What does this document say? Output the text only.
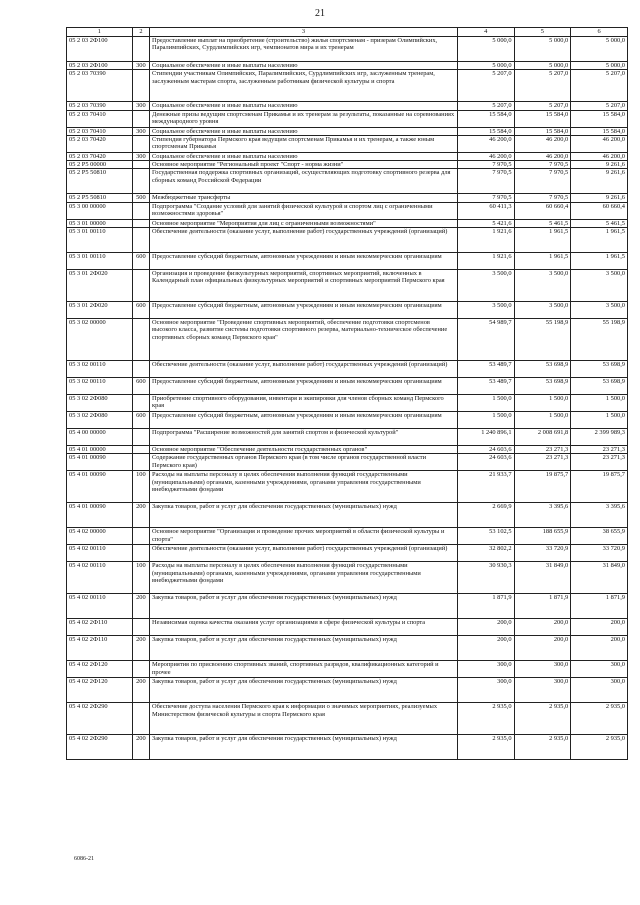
21
1	2	3	4	5	6
05 2 03 2Ф100		Предоставление выплат на приобретение (строительство) жилья спортсменам - призерам Олимпийских, Паралимпийских, Сурдлимпийских игр, чемпионатов мира и их тренерам	5 000,0	5 000,0	5 000,0
05 2 03 2Ф100	300	Социальное обеспечение и иные выплаты населению	5 000,0	5 000,0	5 000,0
05 2 03 70390		Стипендии участникам Олимпийских, Паралимпийских, Сурдлимпийских игр, заслуженным тренерам, заслуженным мастерам спорта, заслуженным работникам физической культуры и спорта	5 207,0	5 207,0	5 207,0
05 2 03 70390	300	Социальное обеспечение и иные выплаты населению	5 207,0	5 207,0	5 207,0
05 2 03 70410		Денежные призы ведущим спортсменам Прикамья и их тренерам за результаты, показанные на соревнованиях международного уровня	15 584,0	15 584,0	15 584,0
05 2 03 70410	300	Социальное обеспечение и иные выплаты населению	15 584,0	15 584,0	15 584,0
05 2 03 70420		Стипендия губернатора Пермского края ведущим спортсменам Прикамья и их тренерам, а также юным спортсменам Прикамья	46 200,0	46 200,0	46 200,0
05 2 03 70420	300	Социальное обеспечение и иные выплаты населению	46 200,0	46 200,0	46 200,0
05 2 P5 00000		Основное мероприятие "Региональный проект "Спорт - норма жизни"	7 970,5	7 970,5	9 261,6
05 2 P5 50810		Государственная поддержка спортивных организаций, осуществляющих подготовку спортивного резерва для сборных команд Российской Федерации	7 970,5	7 970,5	9 261,6
05 2 P5 50810	500	Межбюджетные трансферты	7 970,5	7 970,5	9 261,6
05 3 00 00000		Подпрограмма "Создание условий для занятий физической культурой и спортом лиц с ограниченными возможностями здоровья"	60 411,3	60 660,4	60 660,4
05 3 01 00000		Основное мероприятие "Мероприятия для лиц с ограниченными возможностями"	5 421,6	5 461,5	5 461,5
05 3 01 00110		Обеспечение деятельности (оказание услуг, выполнение работ) государственных учреждений (организаций)	1 921,6	1 961,5	1 961,5
05 3 01 00110	600	Предоставление субсидий бюджетным, автономным учреждениям и иным некоммерческим организациям	1 921,6	1 961,5	1 961,5
05 3 01 2Ф020		Организация и проведение физкультурных мероприятий, спортивных мероприятий, включенных в Календарный план официальных физкультурных мероприятий и спортивных мероприятий Пермского края	3 500,0	3 500,0	3 500,0
05 3 01 2Ф020	600	Предоставление субсидий бюджетным, автономным учреждениям и иным некоммерческим организациям	3 500,0	3 500,0	3 500,0
05 3 02 00000		Основное мероприятие "Проведение спортивных мероприятий, обеспечение подготовки спортсменов высокого класса, развитие системы подготовки спортивного резерва, материально-техническое обеспечение спортивных сборных команд Пермского края"	54 989,7	55 198,9	55 198,9
05 3 02 00110		Обеспечение деятельности (оказание услуг, выполнение работ) государственных учреждений (организаций)	53 489,7	53 698,9	53 698,9
05 3 02 00110	600	Предоставление субсидий бюджетным, автономным учреждениям и иным некоммерческим организациям	53 489,7	53 698,9	53 698,9
05 3 02 2Ф080		Приобретение спортивного оборудования, инвентаря и экипировки для членов сборных команд Пермского края	1 500,0	1 500,0	1 500,0
05 3 02 2Ф080	600	Предоставление субсидий бюджетным, автономным учреждениям и иным некоммерческим организациям	1 500,0	1 500,0	1 500,0
05 4 00 00000		Подпрограмма "Расширение возможностей для занятий спортом и физической культурой"	1 240 896,1	2 008 691,8	2 399 989,3
05 4 01 00000		Основное мероприятие "Обеспечение деятельности государственных органов"	24 603,6	23 271,3	23 271,3
05 4 01 00090		Содержание государственных органов Пермского края (в том числе органов государственной власти Пермского края)	24 603,6	23 271,3	23 271,3
05 4 01 00090	100	Расходы на выплаты персоналу в целях обеспечения выполнения функций государственными (муниципальными) органами, казенными учреждениями, органами управления государственными внебюджетными фондами	21 933,7	19 875,7	19 875,7
05 4 01 00090	200	Закупка товаров, работ и услуг для обеспечения государственных (муниципальных) нужд	2 669,9	3 395,6	3 395,6
05 4 02 00000		Основное мероприятие "Организация и проведение прочих мероприятий в области физической культуры и спорта"	53 102,5	188 655,9	38 655,9
05 4 02 00110		Обеспечение деятельности (оказание услуг, выполнение работ) государственных учреждений (организаций)	32 802,2	33 720,9	33 720,9
05 4 02 00110	100	Расходы на выплаты персоналу в целях обеспечения выполнения функций государственными (муниципальными) органами, казенными учреждениями, органами управления государственными внебюджетными фондами	30 930,3	31 849,0	31 849,0
05 4 02 00110	200	Закупка товаров, работ и услуг для обеспечения государственных (муниципальных) нужд	1 871,9	1 871,9	1 871,9
05 4 02 2Ф110		Независимая оценка качества оказания услуг организациями в сфере физической культуры и спорта	200,0	200,0	200,0
05 4 02 2Ф110	200	Закупка товаров, работ и услуг для обеспечения государственных (муниципальных) нужд	200,0	200,0	200,0
05 4 02 2Ф120		Мероприятия по присвоению спортивных званий, спортивных разрядов, квалификационных категорий и прочее	300,0	300,0	300,0
05 4 02 2Ф120	200	Закупка товаров, работ и услуг для обеспечения государственных (муниципальных) нужд	300,0	300,0	300,0
05 4 02 2Ф290		Обеспечение доступа населения Пермского края к информации о значимых мероприятиях, реализуемых Министерством физической культуры и спорта Пермского края	2 935,0	2 935,0	2 935,0
05 4 02 2Ф290	200	Закупка товаров, работ и услуг для обеспечения государственных (муниципальных) нужд	2 935,0	2 935,0	2 935,0
6086-21
